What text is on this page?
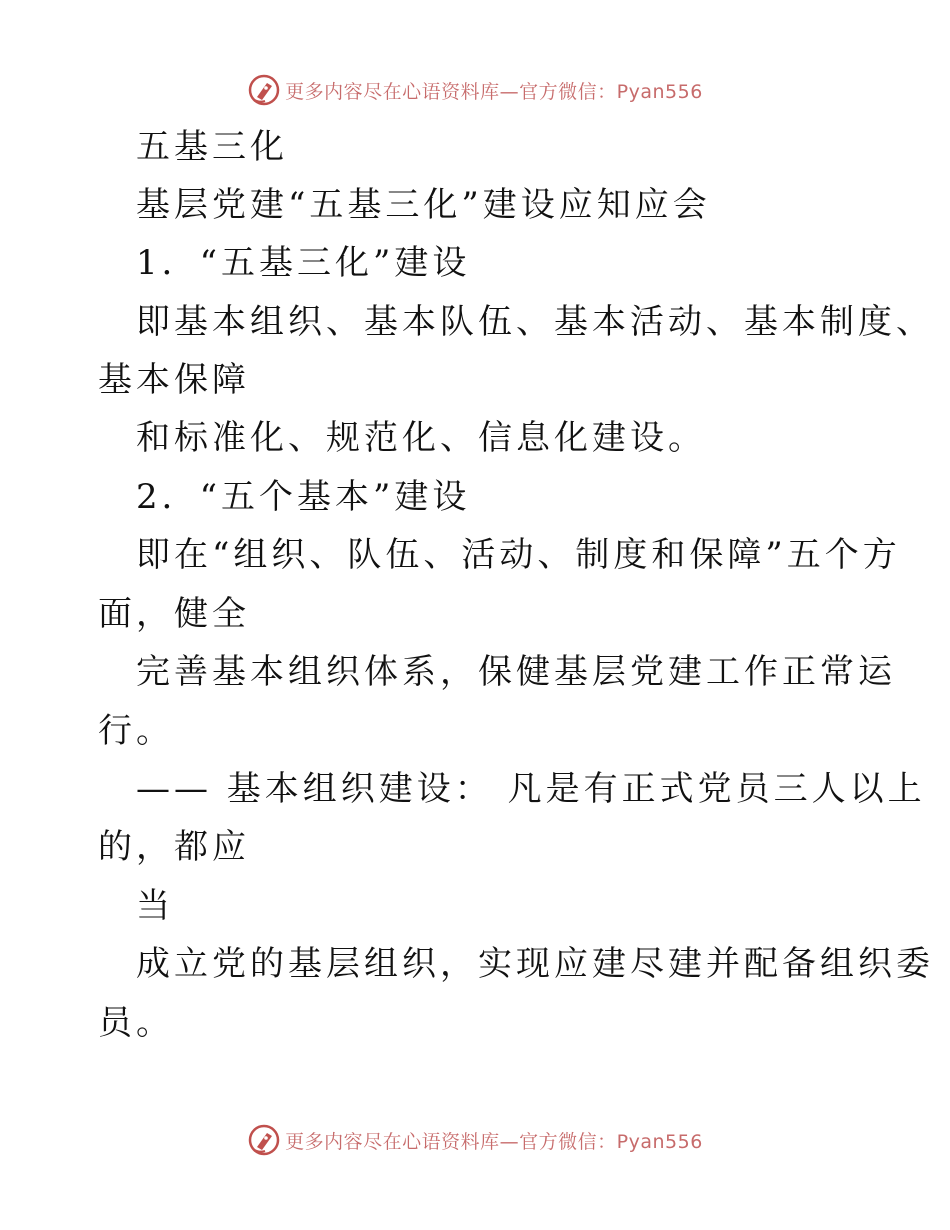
更多内容尽在心语资料库—官方微信：Pyan556
五基三化
基层党建“五基三化”建设应知应会
1．“五基三化”建设
即基本组织、基本队伍、基本活动、基本制度、
基本保障
和标准化、规范化、信息化建设。
2．“五个基本”建设
即在“组织、队伍、活动、制度和保障”五个方
面，健全
完善基本组织体系，保健基层党建工作正常运
行。
—— 基本组织建设： 凡是有正式党员三人以上
的，都应
当
成立党的基层组织，实现应建尽建并配备组织委
员。
更多内容尽在心语资料库—官方微信：Pyan556
